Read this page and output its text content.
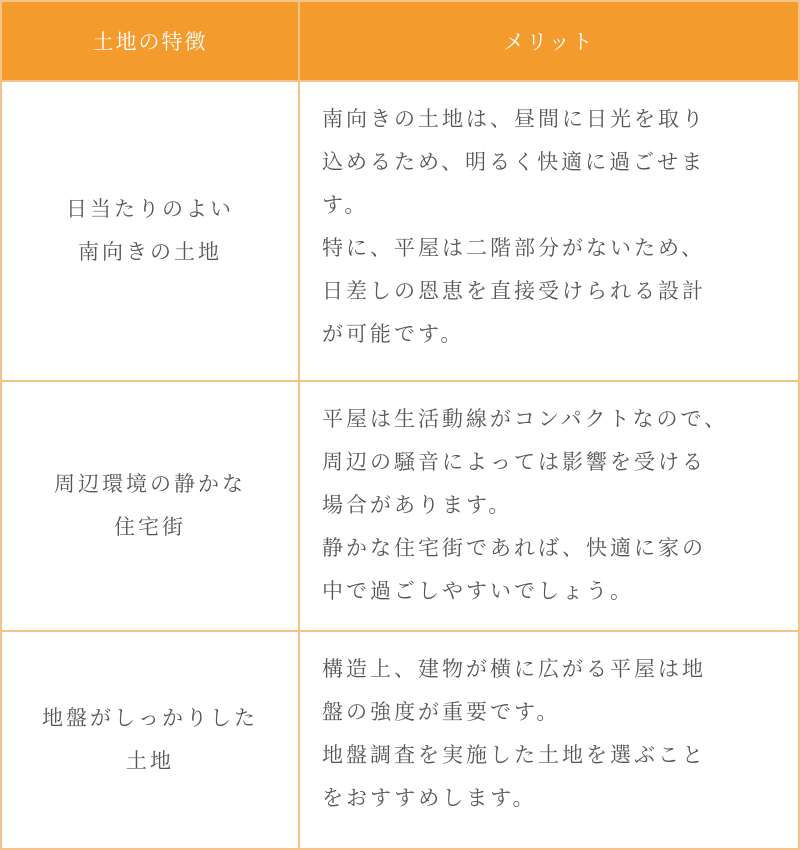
土地の特徴	メリット
日当たりのよい
南向きの土地

南向きの土地は、昼間に日光を取り

込めるため、明るく快適に過ごせま

す。

特に、平屋は二階部分がないため、

日差しの恩恵を直接受けられる設計

が可能です。

周辺環境の静かな
住宅街

平屋は生活動線がコンパクトなので、

周辺の騒音によっては影響を受ける

場合があります。

静かな住宅街であれば、快適に家の

中で過ごしやすいでしょう。

地盤がしっかりした
土地

構造上、建物が横に広がる平屋は地

盤の強度が重要です。

地盤調査を実施した土地を選ぶこと

をおすすめします。
